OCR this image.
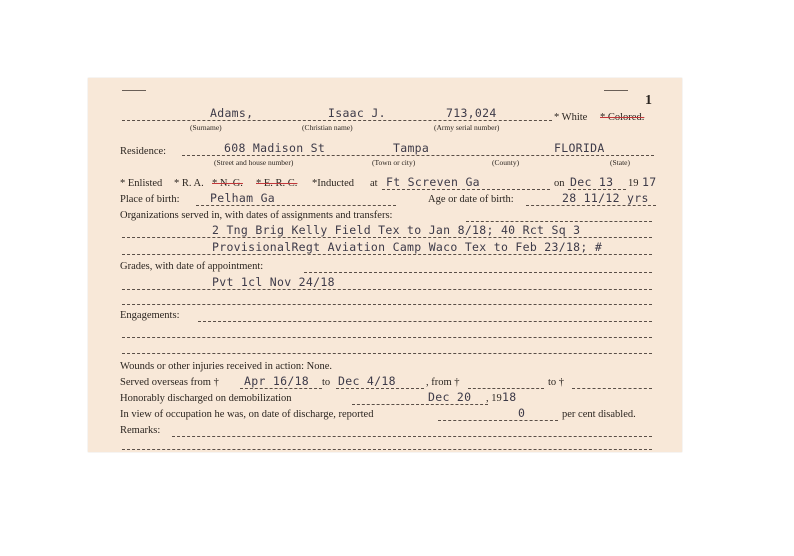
1
Adams,	Isaac J.	713,024	* White * Colored.
(Surname)	(Christian name)	(Army serial number)
Residence:	608 Madison St	Tampa	FLORIDA
(Street and house number)	(Town or city)	(County)	(State)
* Enlisted * R. A. * N. G. * E. R. C. *Inducted at Ft Screven Ga	on Dec 13 19 17
Place of birth:	Pelham Ga	Age or date of birth:	28 11/12 yrs
Organizations served in, with dates of assignments and transfers:
2 Tng Brig Kelly Field Tex to Jan 8/18; 40 Rct Sq 3
ProvisionalRegt Aviation Camp Waco Tex to Feb 23/18; #
Grades, with date of appointment:
Pvt 1cl Nov 24/18
Engagements:
Wounds or other injuries received in action: None.
Served overseas from † Apr 16/18 to Dec 4/18	, from †	to †
Honorably discharged on demobilization	Dec 20 , 19 18
In view of occupation he was, on date of discharge, reported	0	per cent disabled.
Remarks:
